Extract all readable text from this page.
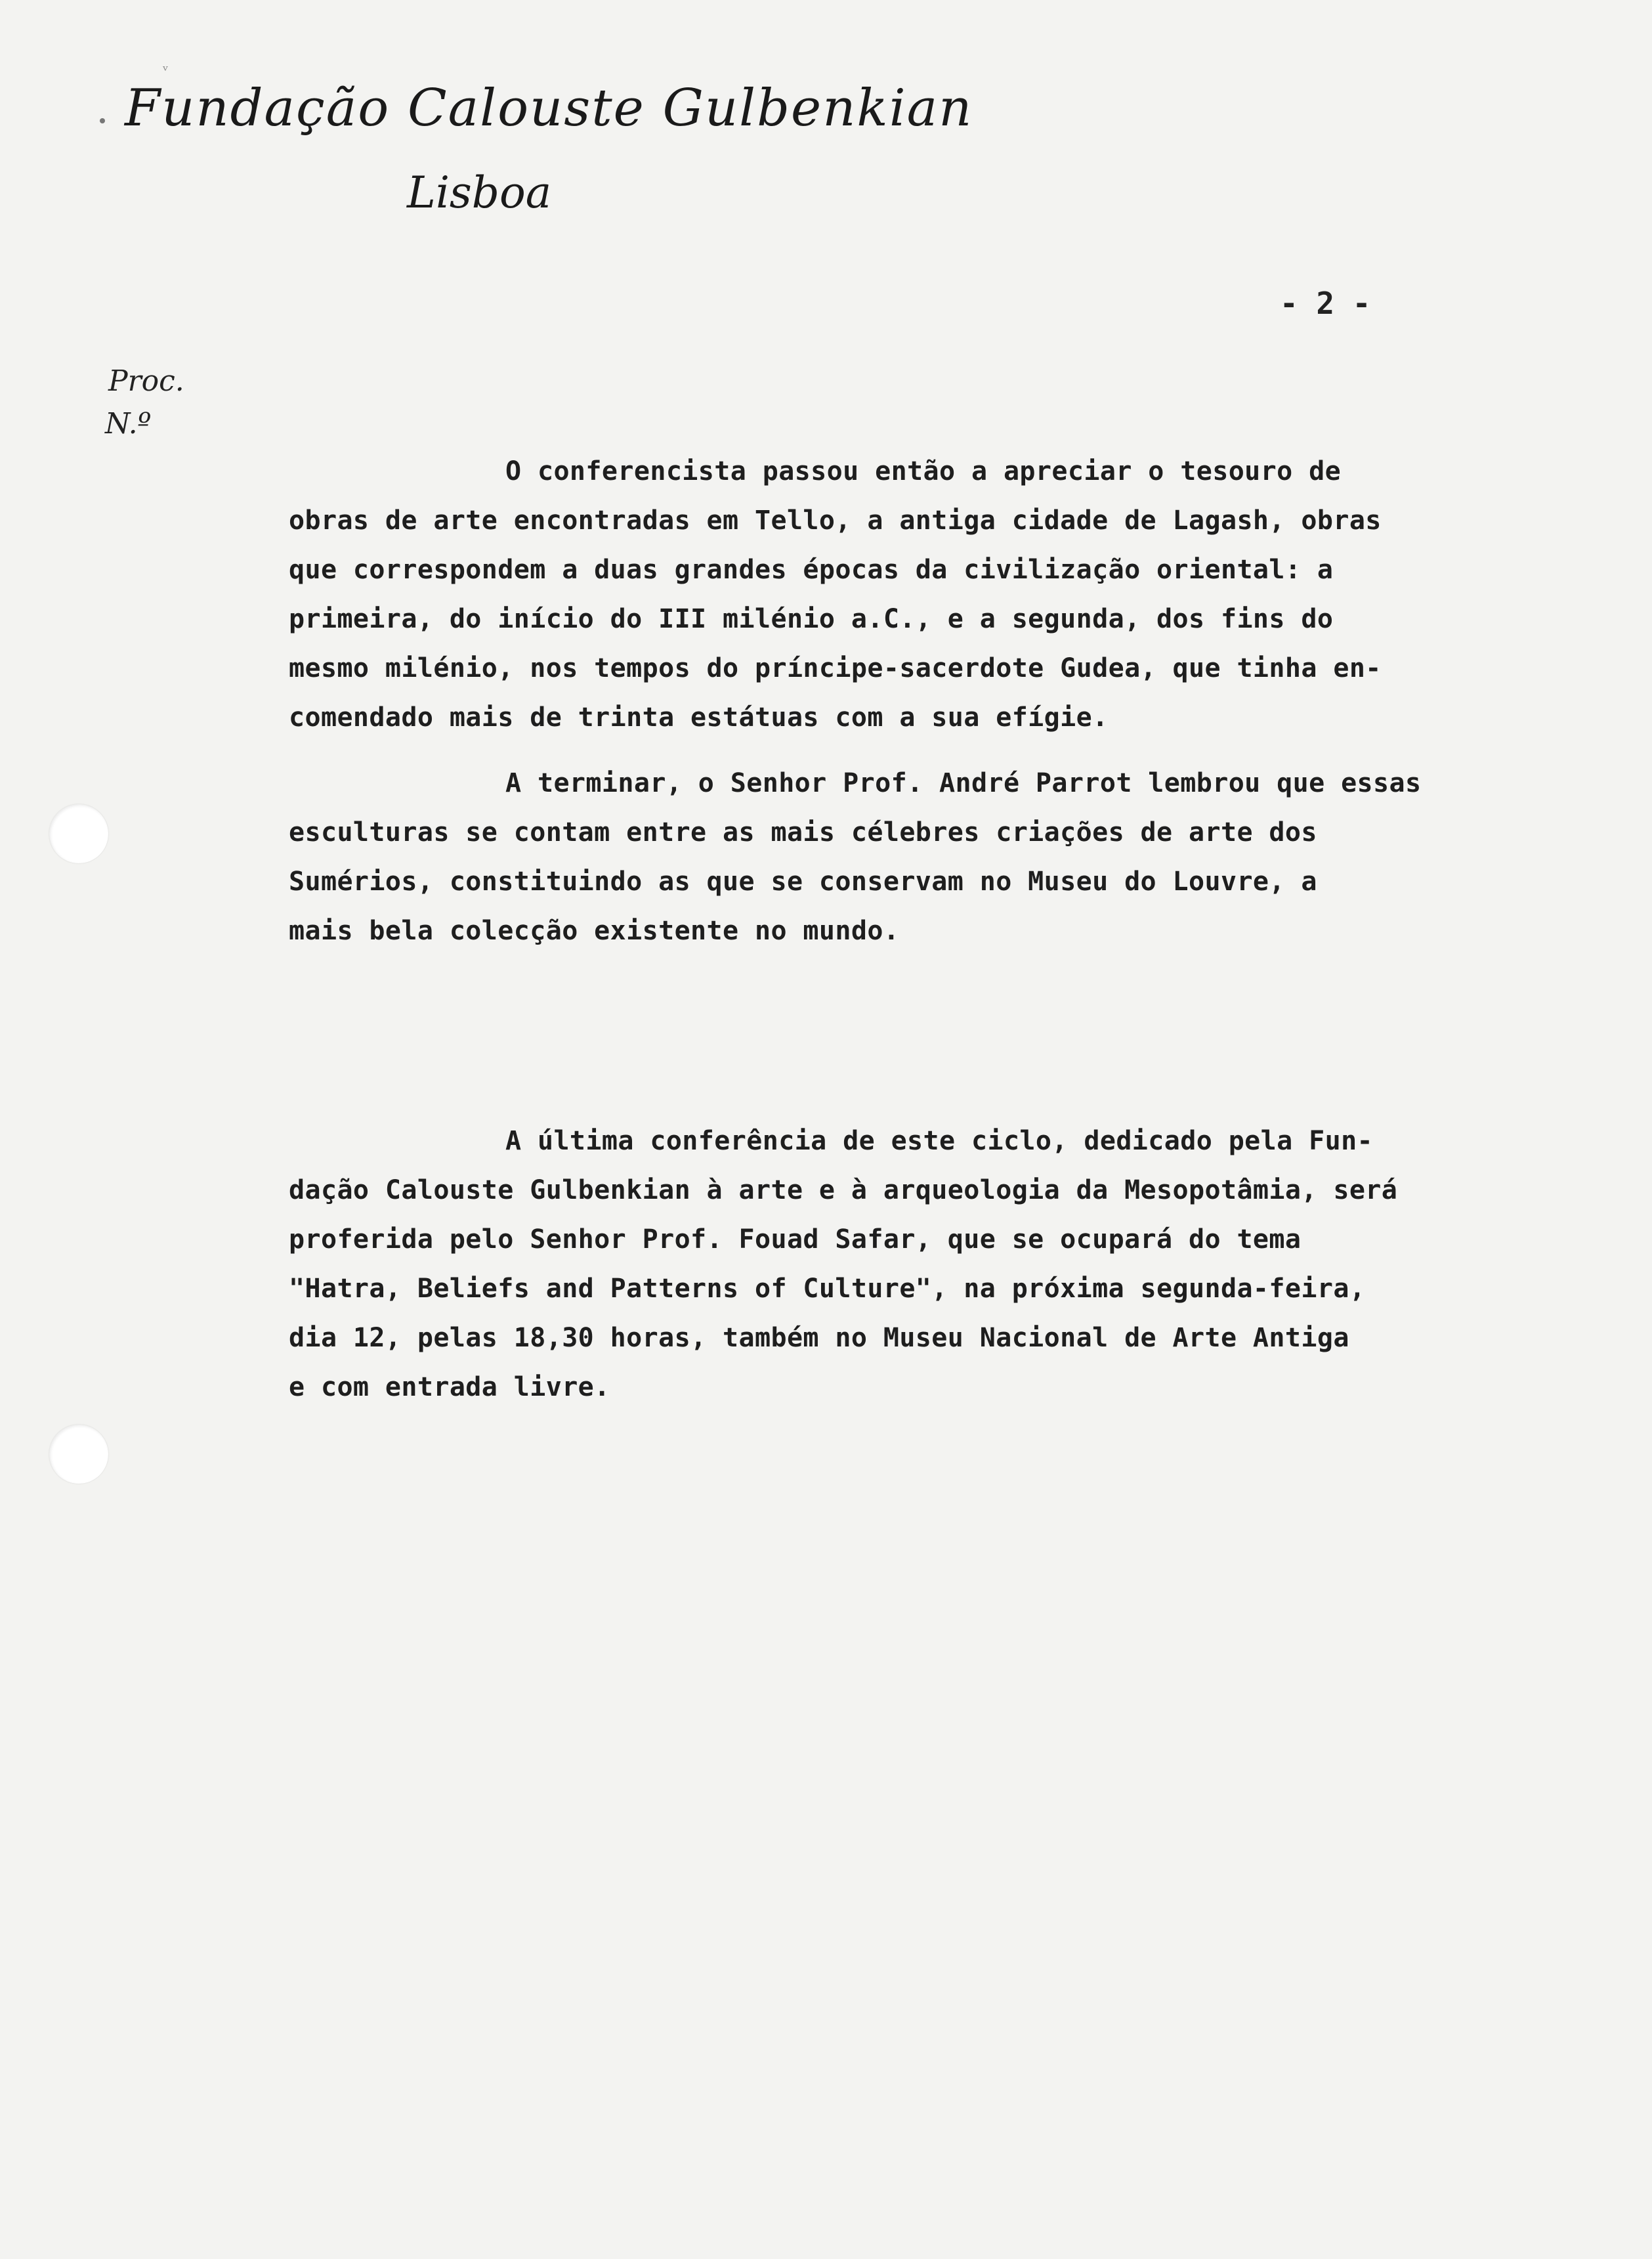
ᵛ
Fundação Calouste Gulbenkian
Lisboa
- 2 -
Proc.
N.º
O conferencista passou então a apreciar o tesouro de
obras de arte encontradas em Tello, a antiga cidade de Lagash, obras
que correspondem a duas grandes épocas da civilização oriental: a
primeira, do início do III milénio a.C., e a segunda, dos fins do
mesmo milénio, nos tempos do príncipe-sacerdote Gudea, que tinha en-
comendado mais de trinta estátuas com a sua efígie.
A terminar, o Senhor Prof. André Parrot lembrou que essas
esculturas se contam entre as mais célebres criações de arte dos
Sumérios, constituindo as que se conservam no Museu do Louvre, a
mais bela colecção existente no mundo.
A última conferência de este ciclo, dedicado pela Fun-
dação Calouste Gulbenkian à arte e à arqueologia da Mesopotâmia, será
proferida pelo Senhor Prof. Fouad Safar, que se ocupará do tema
"Hatra, Beliefs and Patterns of Culture", na próxima segunda-feira,
dia 12, pelas 18,30 horas, também no Museu Nacional de Arte Antiga
e com entrada livre.
